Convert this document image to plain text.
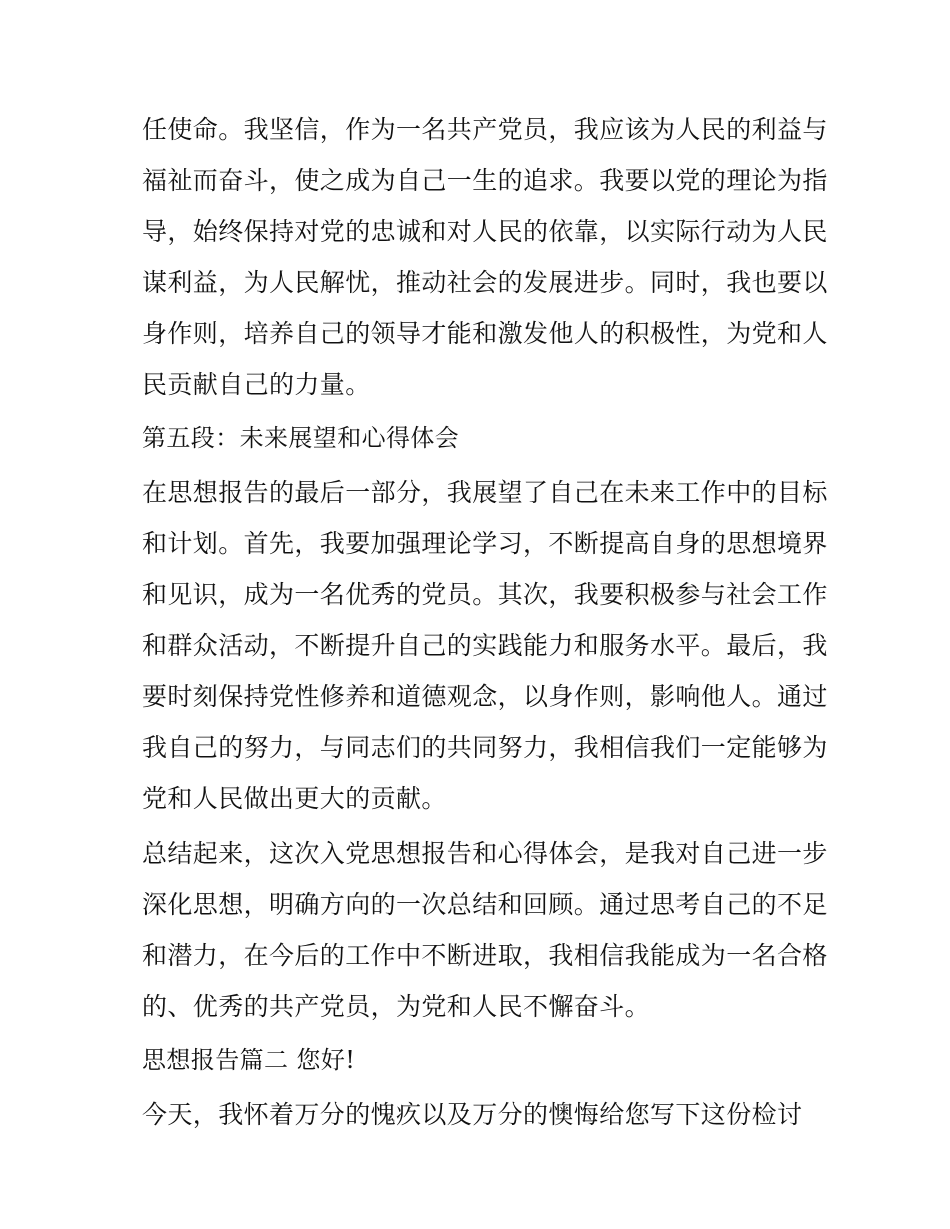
任使命。我坚信，作为一名共产党员，我应该为人民的利益与
福祉而奋斗，使之成为自己一生的追求。我要以党的理论为指
导，始终保持对党的忠诚和对人民的依靠，以实际行动为人民
谋利益，为人民解忧，推动社会的发展进步。同时，我也要以
身作则，培养自己的领导才能和激发他人的积极性，为党和人
民贡献自己的力量。
第五段：未来展望和心得体会
在思想报告的最后一部分，我展望了自己在未来工作中的目标
和计划。首先，我要加强理论学习，不断提高自身的思想境界
和见识，成为一名优秀的党员。其次，我要积极参与社会工作
和群众活动，不断提升自己的实践能力和服务水平。最后，我
要时刻保持党性修养和道德观念，以身作则，影响他人。通过
我自己的努力，与同志们的共同努力，我相信我们一定能够为
党和人民做出更大的贡献。
总结起来，这次入党思想报告和心得体会，是我对自己进一步
深化思想，明确方向的一次总结和回顾。通过思考自己的不足
和潜力，在今后的工作中不断进取，我相信我能成为一名合格
的、优秀的共产党员，为党和人民不懈奋斗。
思想报告篇二 您好!
今天，我怀着万分的愧疚以及万分的懊悔给您写下这份检讨
